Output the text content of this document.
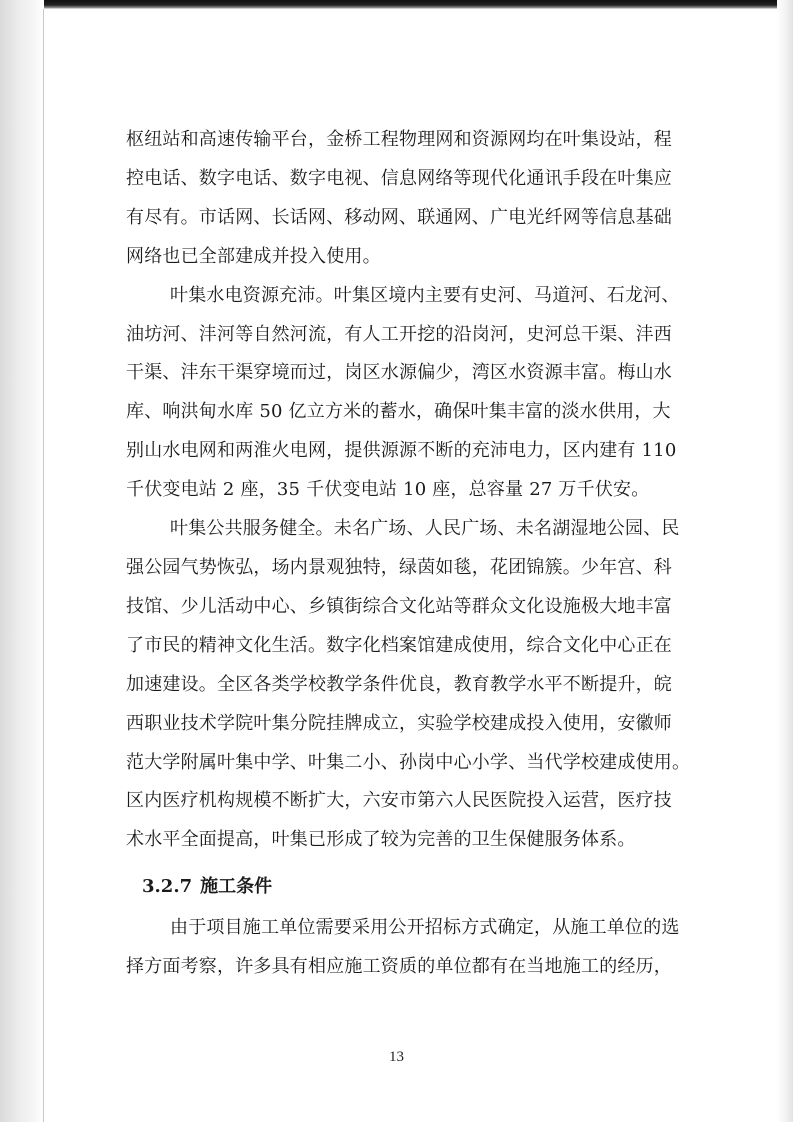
枢纽站和高速传输平台，金桥工程物理网和资源网均在叶集设站，程

控电话、数字电话、数字电视、信息网络等现代化通讯手段在叶集应

有尽有。市话网、长话网、移动网、联通网、广电光纤网等信息基础

网络也已全部建成并投入使用。

叶集水电资源充沛。叶集区境内主要有史河、马道河、石龙河、

油坊河、沣河等自然河流，有人工开挖的沿岗河，史河总干渠、沣西

干渠、沣东干渠穿境而过，岗区水源偏少，湾区水资源丰富。梅山水

库、响洪甸水库 50 亿立方米的蓄水，确保叶集丰富的淡水供用，大

别山水电网和两淮火电网，提供源源不断的充沛电力，区内建有 110

千伏变电站 2 座，35 千伏变电站 10 座，总容量 27 万千伏安。

叶集公共服务健全。未名广场、人民广场、未名湖湿地公园、民

强公园气势恢弘，场内景观独特，绿茵如毯，花团锦簇。少年宫、科

技馆、少儿活动中心、乡镇街综合文化站等群众文化设施极大地丰富

了市民的精神文化生活。数字化档案馆建成使用，综合文化中心正在

加速建设。全区各类学校教学条件优良，教育教学水平不断提升，皖

西职业技术学院叶集分院挂牌成立，实验学校建成投入使用，安徽师

范大学附属叶集中学、叶集二小、孙岗中心小学、当代学校建成使用。

区内医疗机构规模不断扩大，六安市第六人民医院投入运营，医疗技

术水平全面提高，叶集已形成了较为完善的卫生保健服务体系。

3.2.7 施工条件

由于项目施工单位需要采用公开招标方式确定，从施工单位的选

择方面考察，许多具有相应施工资质的单位都有在当地施工的经历，

13
